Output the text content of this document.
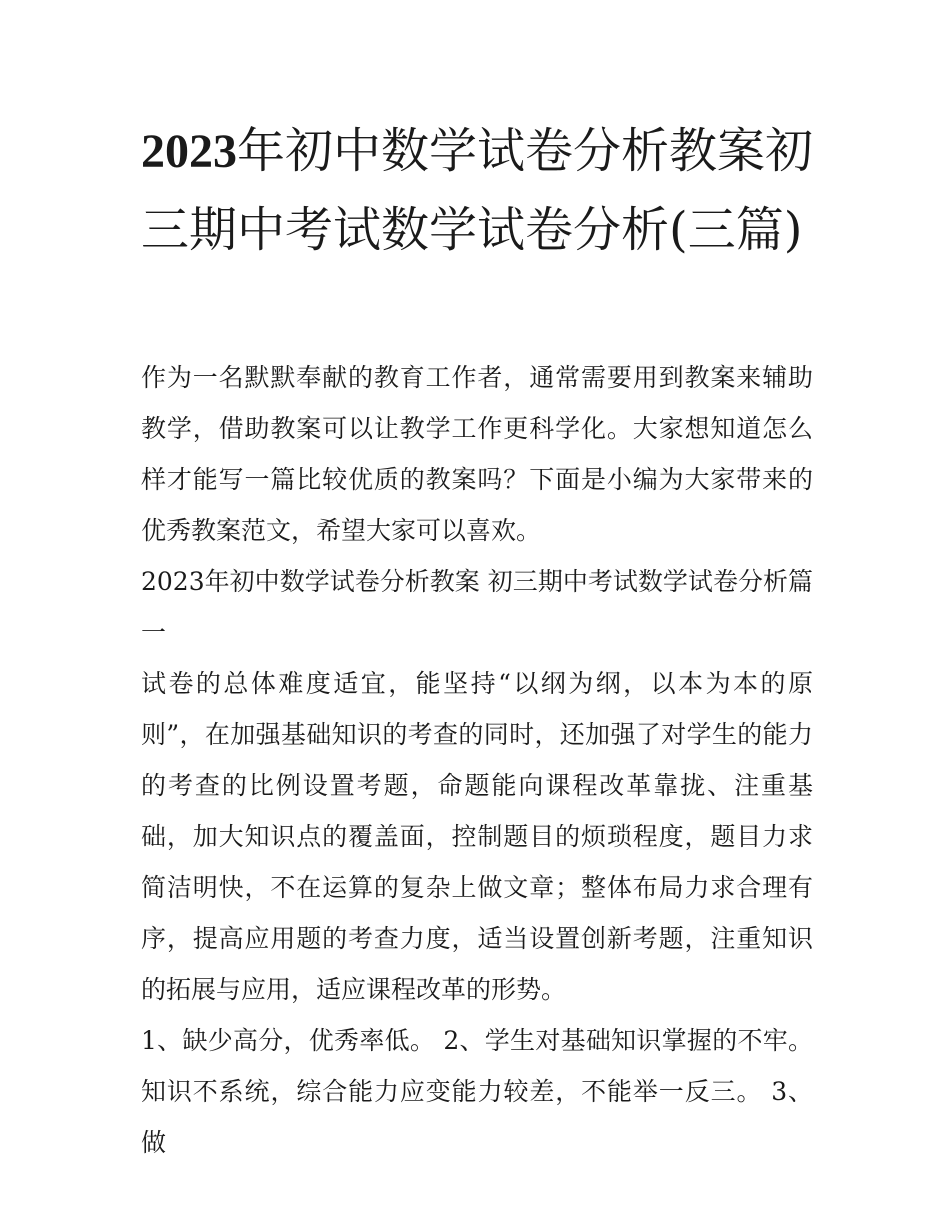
2023年初中数学试卷分析教案初三期中考试数学试卷分析(三篇)

作为一名默默奉献的教育工作者，通常需要用到教案来辅助教学，借助教案可以让教学工作更科学化。大家想知道怎么样才能写一篇比较优质的教案吗？下面是小编为大家带来的优秀教案范文，希望大家可以喜欢。

2023年初中数学试卷分析教案 初三期中考试数学试卷分析篇一

试卷的总体难度适宜，能坚持“以纲为纲，以本为本的原则”，在加强基础知识的考查的同时，还加强了对学生的能力的考查的比例设置考题，命题能向课程改革靠拢、注重基础，加大知识点的覆盖面，控制题目的烦琐程度，题目力求简洁明快，不在运算的复杂上做文章；整体布局力求合理有序，提高应用题的考查力度，适当设置创新考题，注重知识的拓展与应用，适应课程改革的形势。

1、缺少高分，优秀率低。 2、学生对基础知识掌握的不牢。知识不系统，综合能力应变能力较差，不能举一反三。 3、做
